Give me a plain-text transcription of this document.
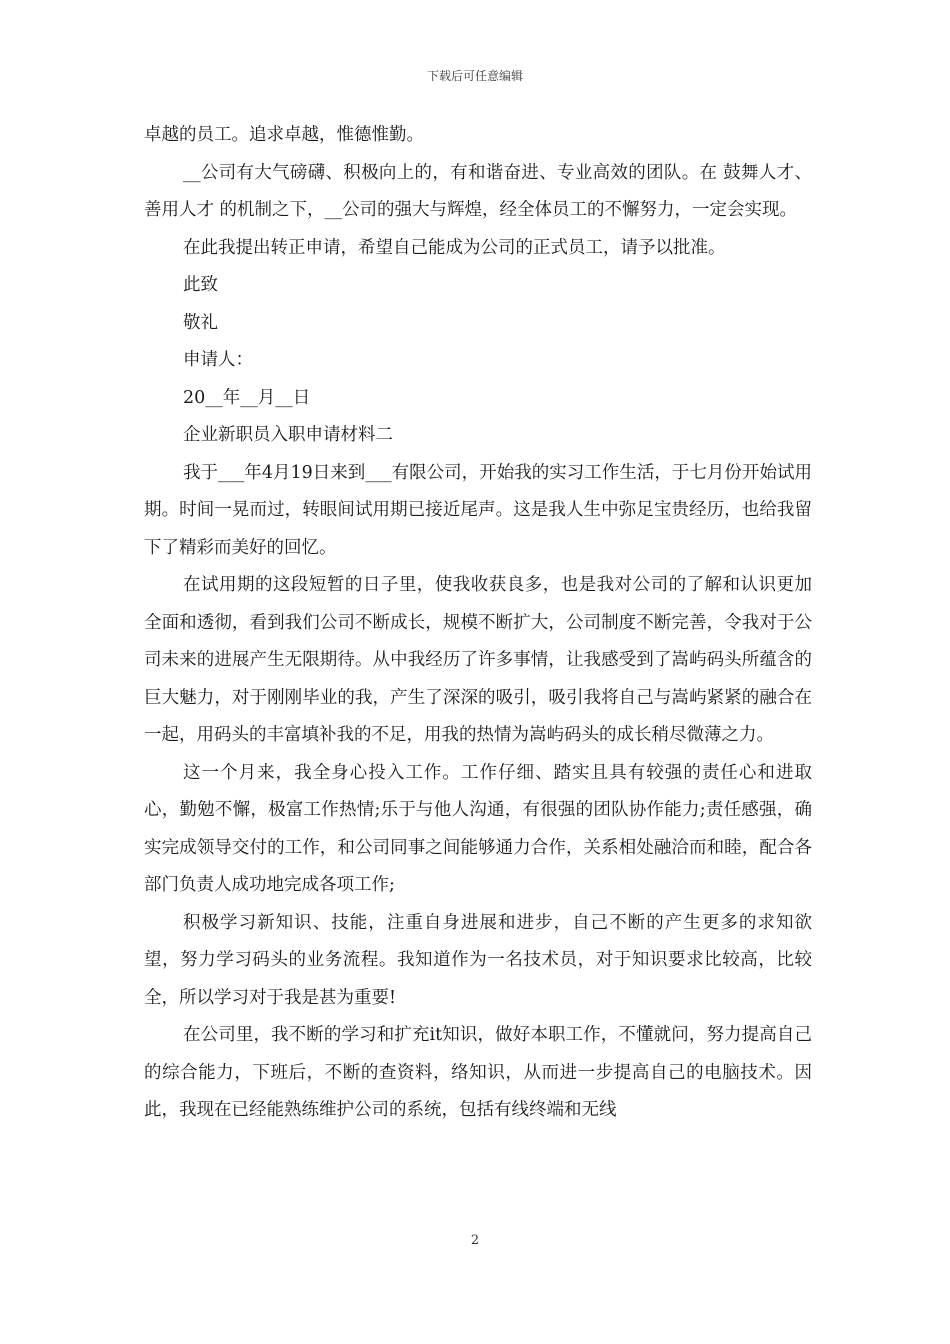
下载后可任意编辑

卓越的员工。追求卓越，惟德惟勤。

__公司有大气磅礴、积极向上的，有和谐奋进、专业高效的团队。在 鼓舞人才、善用人才 的机制之下，__公司的强大与辉煌，经全体员工的不懈努力，一定会实现。

在此我提出转正申请，希望自己能成为公司的正式员工，请予以批准。

此致

敬礼

申请人：

20__年__月__日

企业新职员入职申请材料二

我于___年4月19日来到___有限公司，开始我的实习工作生活，于七月份开始试用期。时间一晃而过，转眼间试用期已接近尾声。这是我人生中弥足宝贵经历，也给我留下了精彩而美好的回忆。

在试用期的这段短暂的日子里，使我收获良多，也是我对公司的了解和认识更加全面和透彻，看到我们公司不断成长，规模不断扩大，公司制度不断完善，令我对于公司未来的进展产生无限期待。从中我经历了许多事情，让我感受到了嵩屿码头所蕴含的巨大魅力，对于刚刚毕业的我，产生了深深的吸引，吸引我将自己与嵩屿紧紧的融合在一起，用码头的丰富填补我的不足，用我的热情为嵩屿码头的成长稍尽微薄之力。

这一个月来，我全身心投入工作。工作仔细、踏实且具有较强的责任心和进取心，勤勉不懈，极富工作热情;乐于与他人沟通，有很强的团队协作能力;责任感强，确实完成领导交付的工作，和公司同事之间能够通力合作，关系相处融洽而和睦，配合各部门负责人成功地完成各项工作;

积极学习新知识、技能，注重自身进展和进步，自己不断的产生更多的求知欲望，努力学习码头的业务流程。我知道作为一名技术员，对于知识要求比较高，比较全，所以学习对于我是甚为重要!

在公司里，我不断的学习和扩充it知识，做好本职工作，不懂就问，努力提高自己的综合能力，下班后，不断的查资料，络知识，从而进一步提高自己的电脑技术。因此，我现在已经能熟练维护公司的系统，包括有线终端和无线

2
